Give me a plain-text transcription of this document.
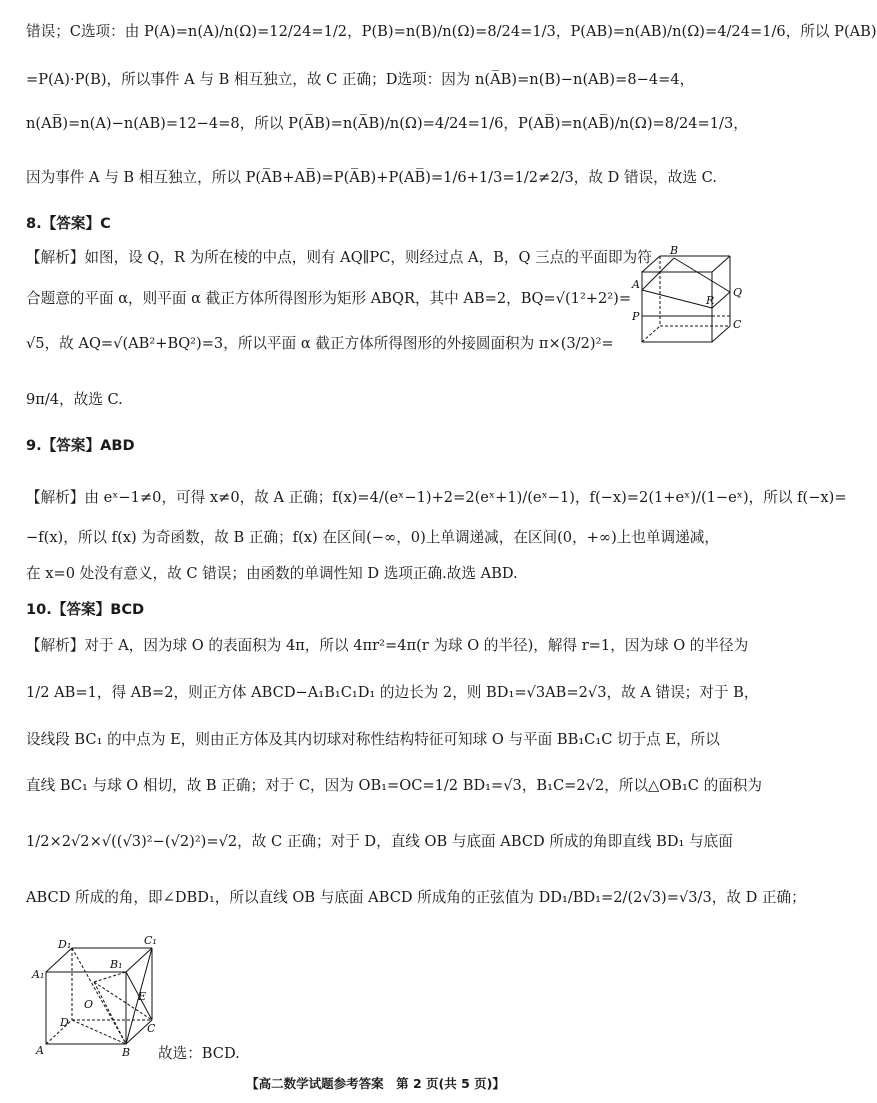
错误；C选项：由 P(A)=n(A)/n(Ω)=12/24=1/2，P(B)=n(B)/n(Ω)=8/24=1/3，P(AB)=n(AB)/n(Ω)=4/24=1/6，所以 P(AB)
=P(A)·P(B)，所以事件 A 与 B 相互独立，故 C 正确；D选项：因为 n(A̅B)=n(B)−n(AB)=8−4=4，
n(AB̅)=n(A)−n(AB)=12−4=8，所以 P(A̅B)=n(A̅B)/n(Ω)=4/24=1/6，P(AB̅)=n(AB̅)/n(Ω)=8/24=1/3，
因为事件 A 与 B 相互独立，所以 P(A̅B+AB̅)=P(A̅B)+P(AB̅)=1/6+1/3=1/2≠2/3，故 D 错误，故选 C.
8.【答案】C
【解析】如图，设 Q，R 为所在棱的中点，则有 AQ∥PC，则经过点 A，B，Q 三点的平面即为符
合题意的平面 α，则平面 α 截正方体所得图形为矩形 ABQR，其中 AB=2，BQ=√(1²+2²)=
√5，故 AQ=√(AB²+BQ²)=3，所以平面 α 截正方体所得图形的外接圆面积为 π×(3/2)²=
9π/4，故选 C.
A
B
P
Q
R
C
9.【答案】ABD
【解析】由 eˣ−1≠0，可得 x≠0，故 A 正确；f(x)=4/(eˣ−1)+2=2(eˣ+1)/(eˣ−1)，f(−x)=2(1+eˣ)/(1−eˣ)，所以 f(−x)=
−f(x)，所以 f(x) 为奇函数，故 B 正确；f(x) 在区间(−∞，0)上单调递减，在区间(0，+∞)上也单调递减，
在 x=0 处没有意义，故 C 错误；由函数的单调性知 D 选项正确.故选 ABD.
10.【答案】BCD
【解析】对于 A，因为球 O 的表面积为 4π，所以 4πr²=4π(r 为球 O 的半径)，解得 r=1，因为球 O 的半径为
1/2 AB=1，得 AB=2，则正方体 ABCD−A₁B₁C₁D₁ 的边长为 2，则 BD₁=√3AB=2√3，故 A 错误；对于 B，
设线段 BC₁ 的中点为 E，则由正方体及其内切球对称性结构特征可知球 O 与平面 BB₁C₁C 切于点 E，所以
直线 BC₁ 与球 O 相切，故 B 正确；对于 C，因为 OB₁=OC=1/2 BD₁=√3，B₁C=2√2，所以△OB₁C 的面积为
1/2×2√2×√((√3)²−(√2)²)=√2，故 C 正确；对于 D，直线 OB 与底面 ABCD 所成的角即直线 BD₁ 与底面
ABCD 所成的角，即∠DBD₁，所以直线 OB 与底面 ABCD 所成角的正弦值为 DD₁/BD₁=2/(2√3)=√3/3，故 D 正确；
D₁	C₁
A₁
B₁
O
E
D	C
A	B 故选：BCD.
【高二数学试题参考答案　第 2 页(共 5 页)】
